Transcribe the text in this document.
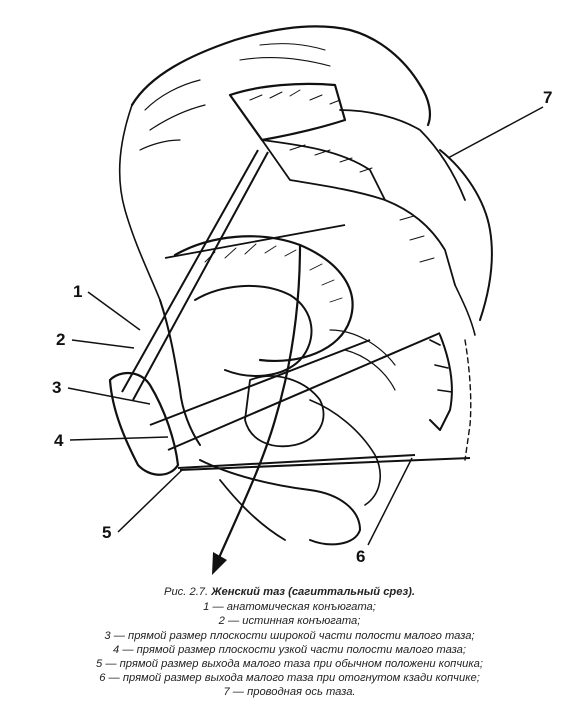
1
2
3
4
5
6
7
Рис. 2.7. Женский таз (сагиттальный срез).
1 — анатомическая конъюгата;
2 — истинная конъюгата;
3 — прямой размер плоскости широкой части полости малого таза;
4 — прямой размер плоскости узкой части полости малого таза;
5 — прямой размер выхода малого таза при обычном положени копчика;
6 — прямой размер выхода малого таза при отогнутом кзади копчике;
7 — проводная ось таза.
